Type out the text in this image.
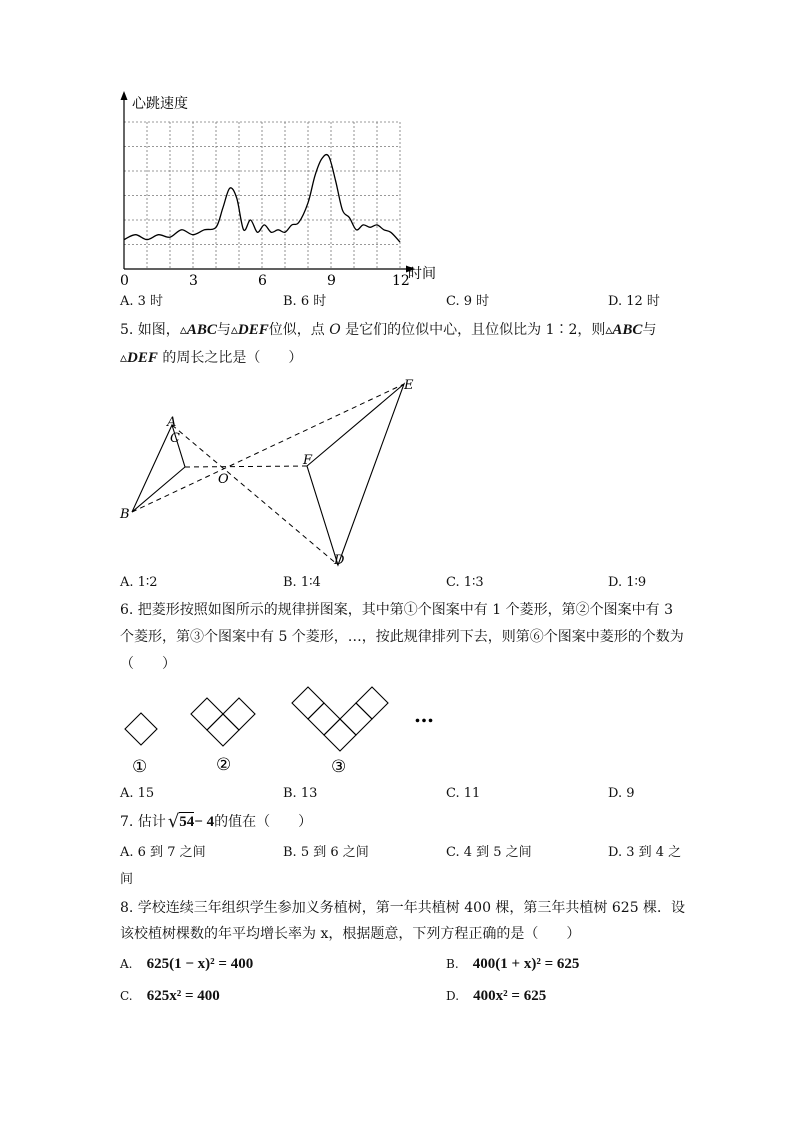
心跳速度
时间
0	3	6	9	12
A. 3 时	B. 6 时	C. 9 时	D. 12 时
5. 如图，▵ABC与▵DEF位似，点 O 是它们的位似中心，且位似比为 1∶2，则▵ABC与
▵DEF 的周长之比是（　　）
A
B
C
O
F
E
D
A. 1∶2	B. 1∶4	C. 1∶3	D. 1∶9
6. 把菱形按照如图所示的规律拼图案，其中第①个图案中有 1 个菱形，第②个图案中有 3
个菱形，第③个图案中有 5 个菱形，…，按此规律排列下去，则第⑥个图案中菱形的个数为
（　　）
①	②	③
…
A. 15	B. 13	C. 11	D. 9
7. 估计 √ 54 − 4 的值在（　　）
A. 6 到 7 之间	B. 5 到 6 之间	C. 4 到 5 之间	D. 3 到 4 之
间
8. 学校连续三年组织学生参加义务植树，第一年共植树 400 棵，第三年共植树 625 棵．设
该校植树棵数的年平均增长率为 x，根据题意，下列方程正确的是（　　）
A. 625(1 − x)² = 400	B. 400(1 + x)² = 625
C. 625x² = 400	D. 400x² = 625
